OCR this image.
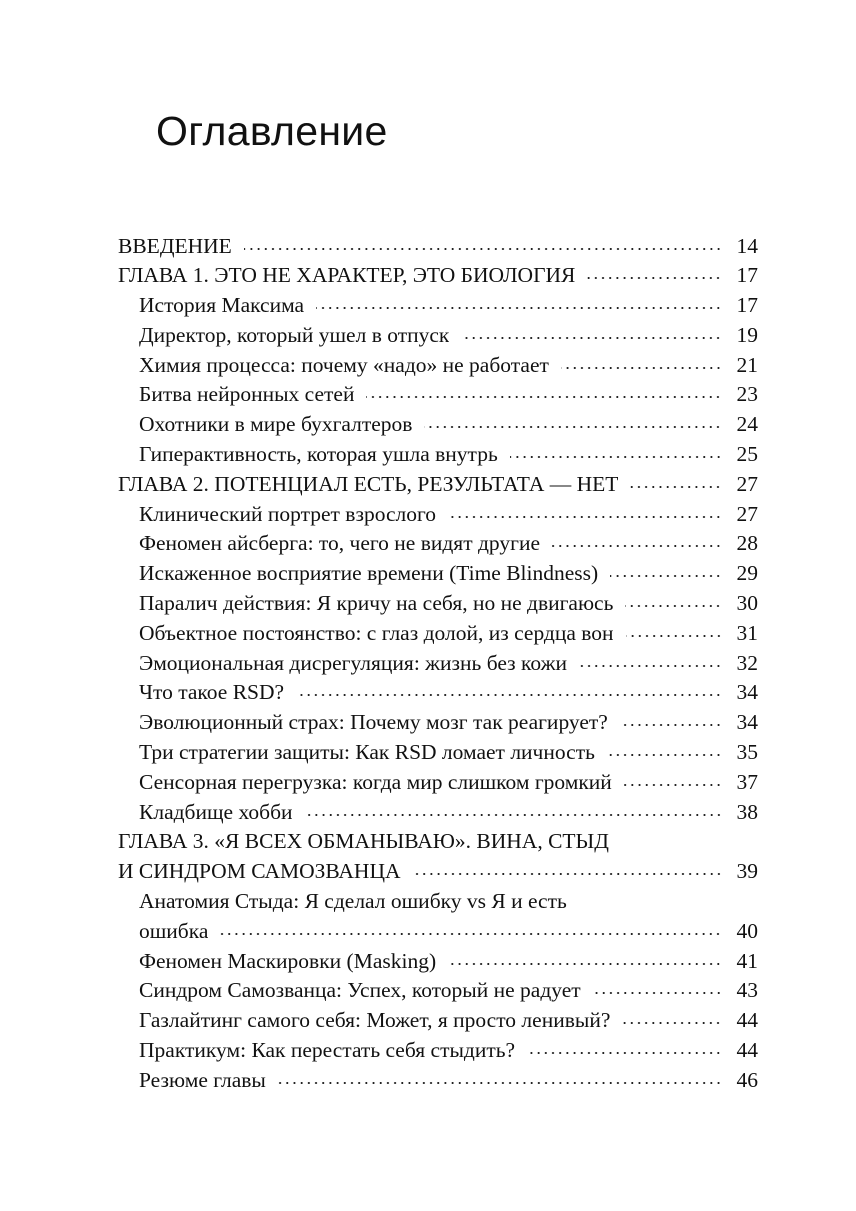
Оглавление
ВВЕДЕНИЕ	14
ГЛАВА 1. ЭТО НЕ ХАРАКТЕР, ЭТО БИОЛОГИЯ	17
История Максима	17
Директор, который ушел в отпуск	19
Химия процесса: почему «надо» не работает	21
Битва нейронных сетей	23
Охотники в мире бухгалтеров	24
Гиперактивность, которая ушла внутрь	25
ГЛАВА 2. ПОТЕНЦИАЛ ЕСТЬ, РЕЗУЛЬТАТА — НЕТ	27
Клинический портрет взрослого	27
Феномен айсберга: то, чего не видят другие	28
Искаженное восприятие времени (Time Blindness)	29
Паралич действия: Я кричу на себя, но не двигаюсь	30
Объектное постоянство: с глаз долой, из сердца вон	31
Эмоциональная дисрегуляция: жизнь без кожи	32
Что такое RSD?	34
Эволюционный страх: Почему мозг так реагирует?	34
Три стратегии защиты: Как RSD ломает личность	35
Сенсорная перегрузка: когда мир слишком громкий	37
Кладбище хобби	38
ГЛАВА 3. «Я ВСЕХ ОБМАНЫВАЮ». ВИНА, СТЫД
И СИНДРОМ САМОЗВАНЦА	39
Анатомия Стыда: Я сделал ошибку vs Я и есть
ошибка	40
Феномен Маскировки (Masking)	41
Синдром Самозванца: Успех, который не радует	43
Газлайтинг самого себя: Может, я просто ленивый?	44
Практикум: Как перестать себя стыдить?	44
Резюме главы	46
